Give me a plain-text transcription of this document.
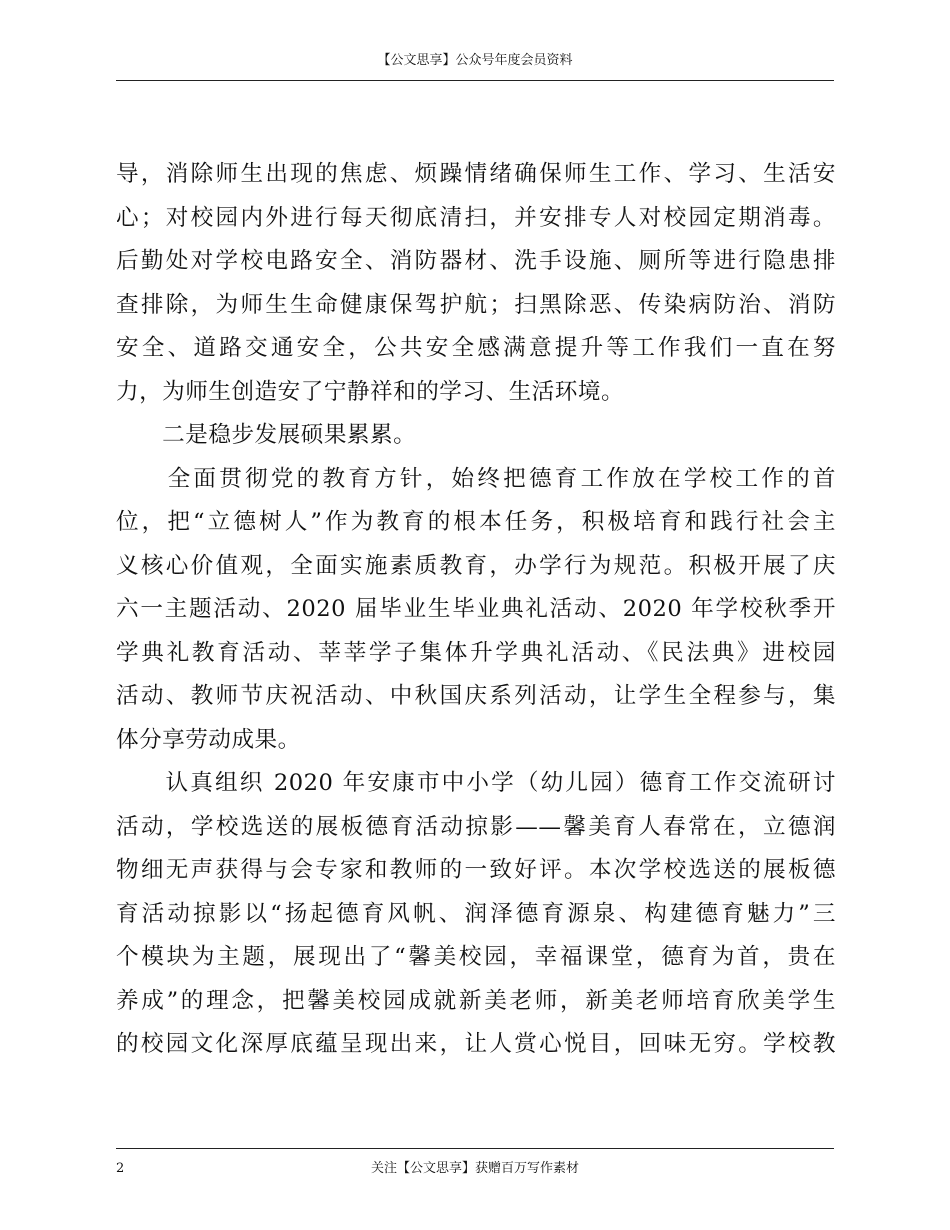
【公文思享】公众号年度会员资料
导，消除师生出现的焦虑、烦躁情绪确保师生工作、学习、生活安
心；对校园内外进行每天彻底清扫，并安排专人对校园定期消毒。
后勤处对学校电路安全、消防器材、洗手设施、厕所等进行隐患排
查排除，为师生生命健康保驾护航；扫黑除恶、传染病防治、消防
安全、道路交通安全，公共安全感满意提升等工作我们一直在努
力，为师生创造安了宁静祥和的学习、生活环境。
　　二是稳步发展硕果累累。
　　全面贯彻党的教育方针，始终把德育工作放在学校工作的首
位，把“立德树人”作为教育的根本任务，积极培育和践行社会主
义核心价值观，全面实施素质教育，办学行为规范。积极开展了庆
六一主题活动、2020 届毕业生毕业典礼活动、2020 年学校秋季开
学典礼教育活动、莘莘学子集体升学典礼活动、《民法典》进校园
活动、教师节庆祝活动、中秋国庆系列活动，让学生全程参与，集
体分享劳动成果。
　　认真组织 2020 年安康市中小学（幼儿园）德育工作交流研讨
活动，学校选送的展板德育活动掠影——馨美育人春常在，立德润
物细无声获得与会专家和教师的一致好评。本次学校选送的展板德
育活动掠影以“扬起德育风帆、润泽德育源泉、构建德育魅力”三
个模块为主题，展现出了“馨美校园，幸福课堂，德育为首，贵在
养成”的理念，把馨美校园成就新美老师，新美老师培育欣美学生
的校园文化深厚底蕴呈现出来，让人赏心悦目，回味无穷。学校教
2	关注【公文思享】获赠百万写作素材
